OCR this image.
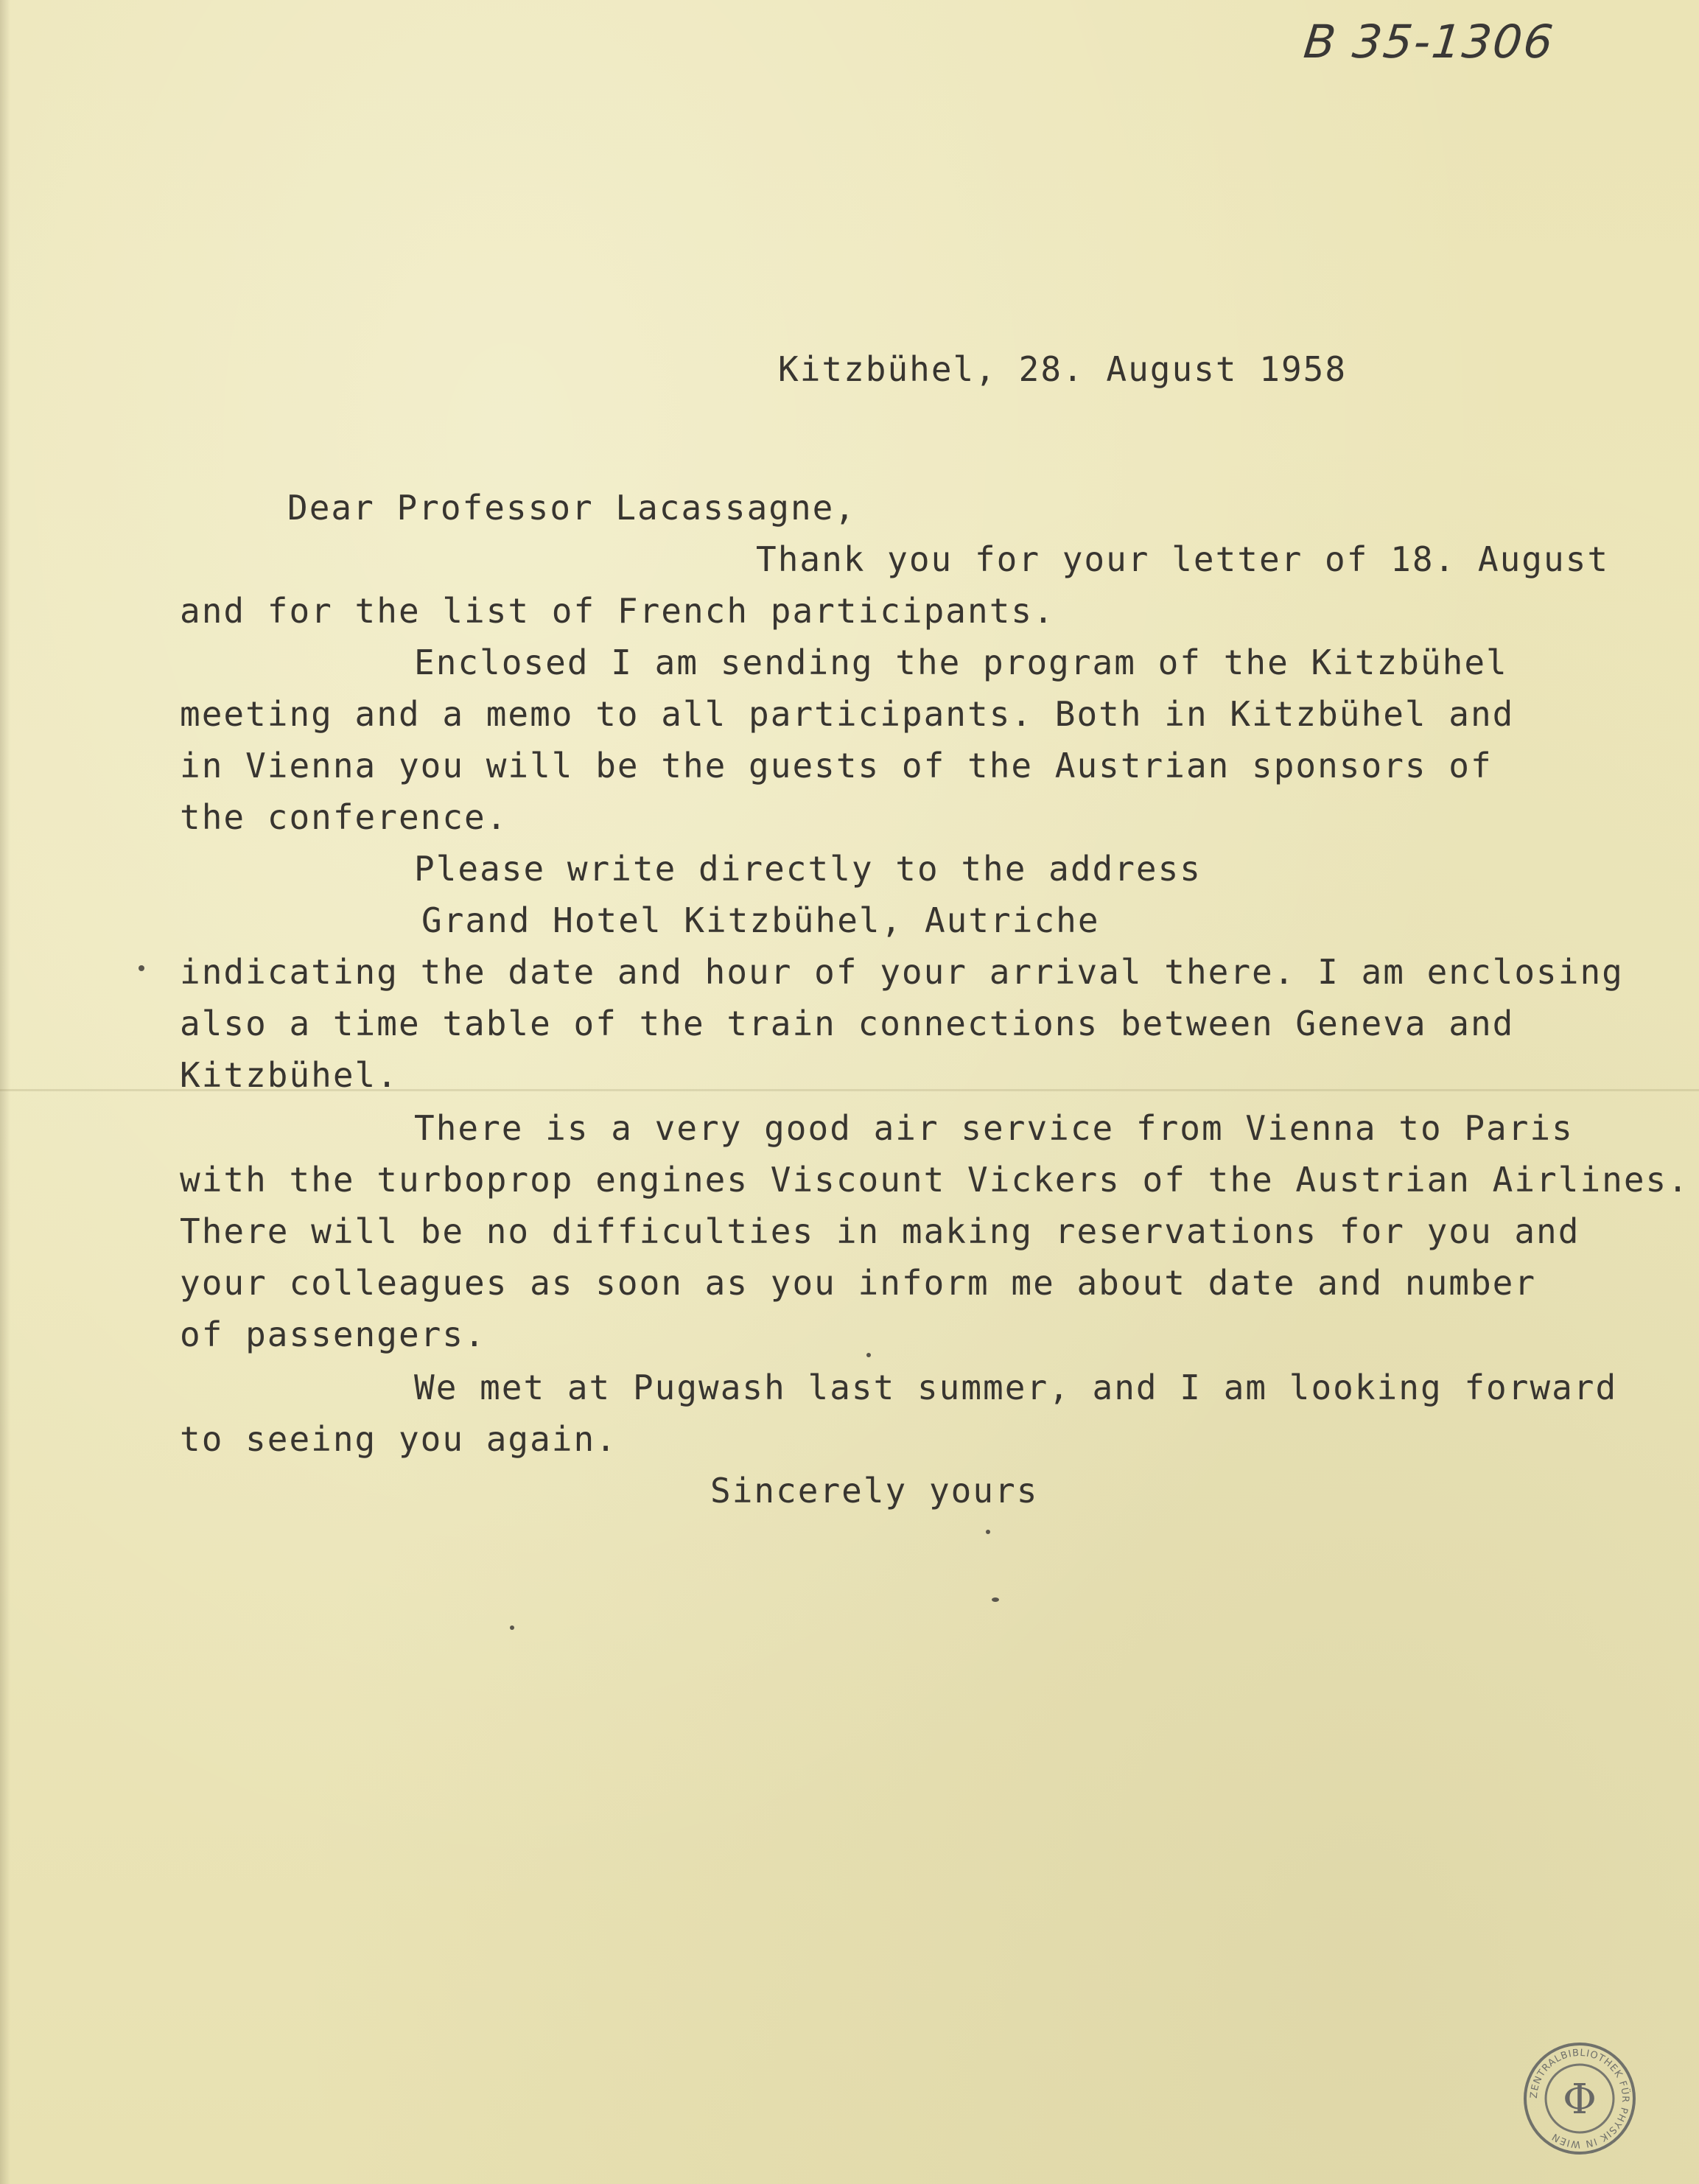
B 35-1306
Kitzbühel, 28. August 1958
Dear Professor Lacassagne,
Thank you for your letter of 18. August
and for the list of French participants.
Enclosed I am sending the program of the Kitzbühel
meeting and a memo to all participants. Both in Kitzbühel and
in Vienna you will be the guests of the Austrian sponsors of
the conference.
Please write directly to the address
Grand Hotel Kitzbühel, Autriche
indicating the date and hour of your arrival there. I am enclosing
also a time table of the train connections between Geneva and
Kitzbühel.
There is a very good air service from Vienna to Paris
with the turboprop engines Viscount Vickers of the Austrian Airlines.
There will be no difficulties in making reservations for you and
your colleagues as soon as you inform me about date and number
of passengers.
We met at Pugwash last summer, and I am looking forward
to seeing you again.
Sincerely yours
ZENTRALBIBLIOTHEK FÜR PHYSIK IN WIEN
Φ
